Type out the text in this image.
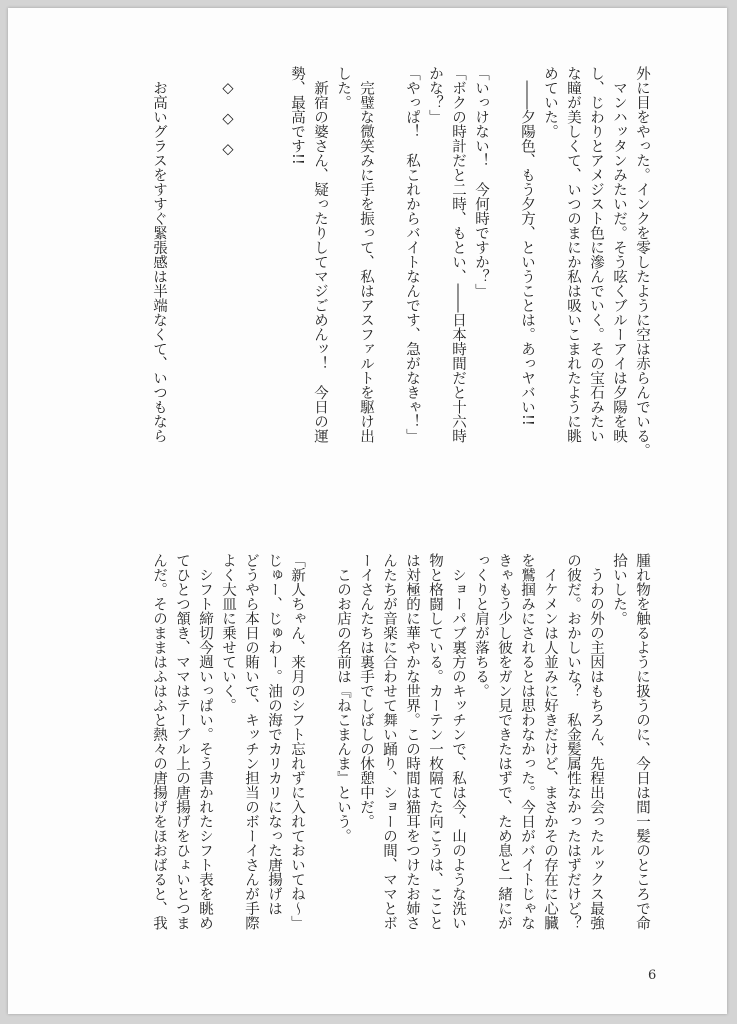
外に目をやった。インクを零したように空は赤らんでいる。
　マンハッタンみたいだ。そう呟くブルーアイは夕陽を映
し、じわりとアメジスト色に滲んでいく。その宝石みたい
な瞳が美しくて、いつのまにか私は吸いこまれたように眺
めていた。
　――夕陽色、もう夕方、ということは。あっヤバい!!
「いっけない！　今何時ですか？」
「ボクの時計だと二時、もとい、――日本時間だと十六時
かな？」
「やっぱ！　私これからバイトなんです、急がなきゃ！」
　完璧な微笑みに手を振って、私はアスファルトを駆け出
した。
　新宿の婆さん、疑ったりしてマジごめんッ！　今日の運
勢、最高です!!
　◇　◇　◇
　お高いグラスをすすぐ緊張感は半端なくて、いつもなら
腫れ物を触るように扱うのに、今日は間一髪のところで命
拾いした。
　うわの外の主因はもちろん、先程出会ったルックス最強
の彼だ。おかしいな？　私金髪属性なかったはずだけど？
　イケメンは人並みに好きだけど、まさかその存在に心臓
を鷲掴みにされるとは思わなかった。今日がバイトじゃな
きゃもう少し彼をガン見できたはずで、ため息と一緒にが
っくりと肩が落ちる。
　ショーパブ裏方のキッチンで、私は今、山のような洗い
物と格闘している。カーテン一枚隔てた向こうは、ここと
は対極的に華やかな世界。この時間は猫耳をつけたお姉さ
んたちが音楽に合わせて舞い踊り、ショーの間、ママとボ
ーイさんたちは裏手でしばしの休憩中だ。
　このお店の名前は『ねこまんま』という。
「新人ちゃん、来月のシフト忘れずに入れておいてね～」
じゅー、じゅわー。油の海でカリカリになった唐揚げは
どうやら本日の賄いで、キッチン担当のボーイさんが手際
よく大皿に乗せていく。
　シフト締切今週いっぱい。そう書かれたシフト表を眺め
てひとつ頷き、ママはテーブル上の唐揚げをひょいとつま
んだ。そのままはふはふと熱々の唐揚げをほおばると、我
6
